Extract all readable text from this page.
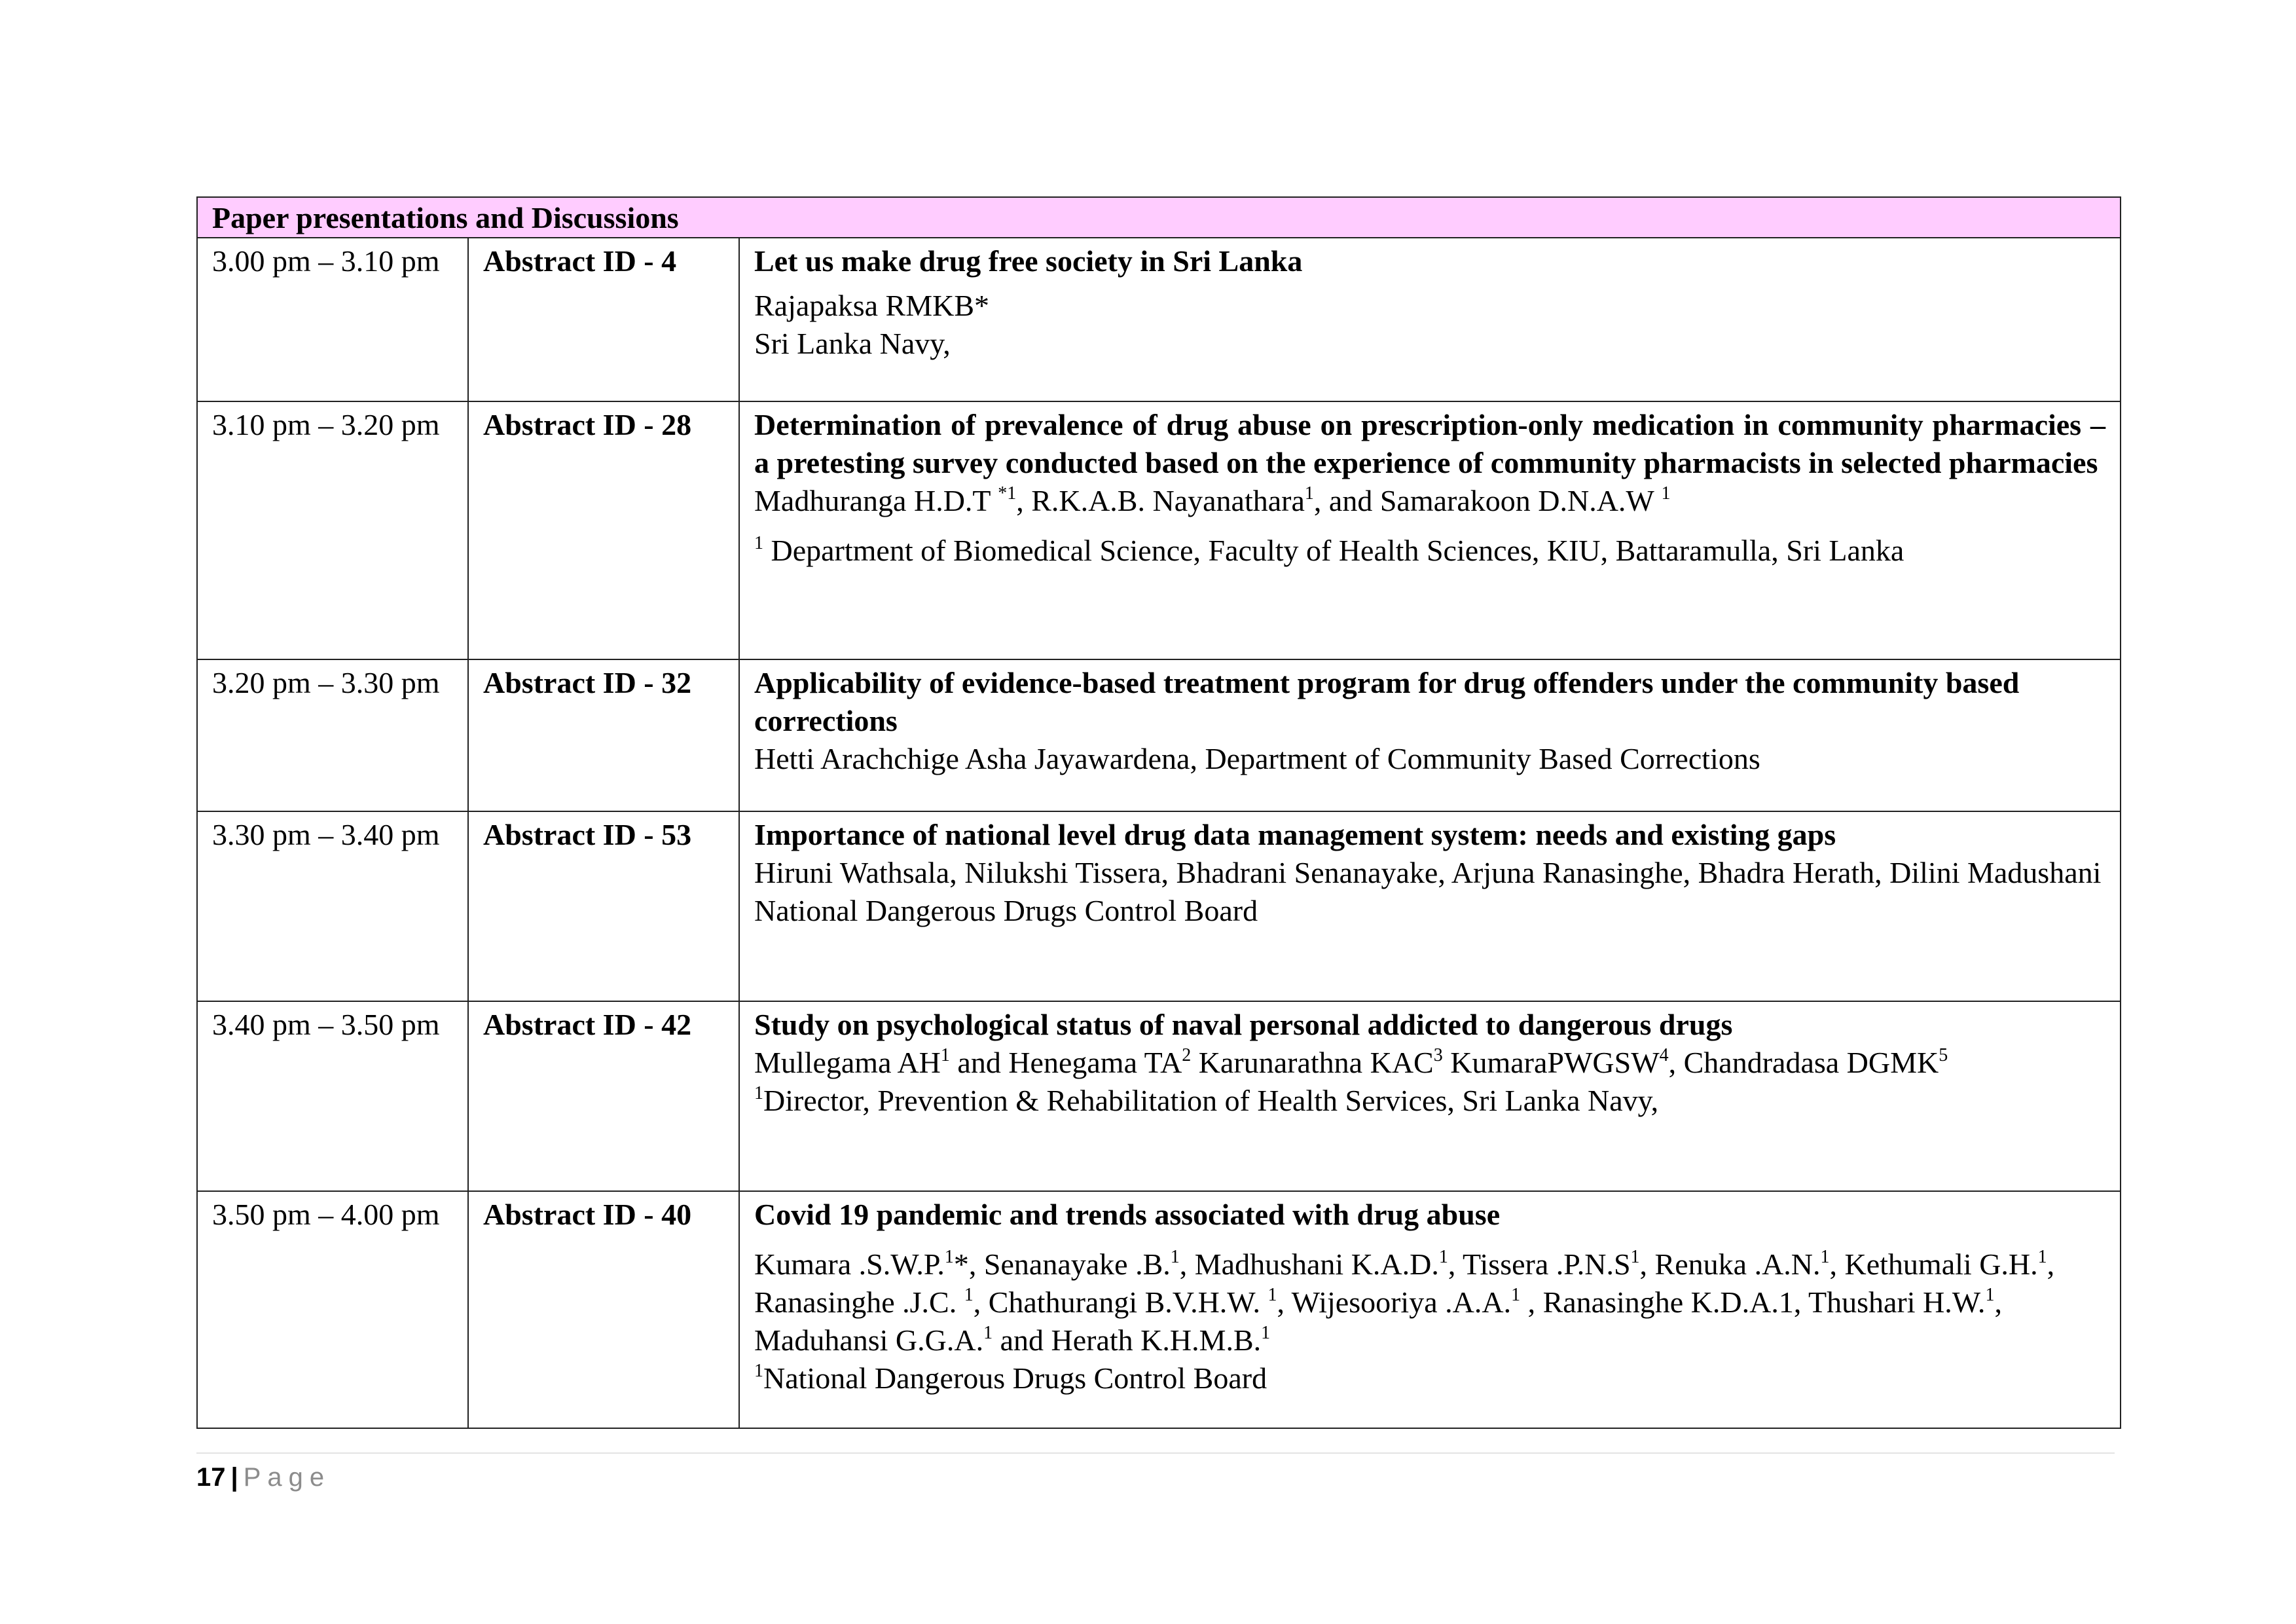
Paper presentations and Discussions		
3.00 pm – 3.10 pm	Abstract ID - 4	Let us make drug free society in Sri Lanka
Rajapaksa RMKB*
Sri Lanka Navy,

3.10 pm – 3.20 pm	Abstract ID - 28	Determination of prevalence of drug abuse on prescription-only medication in community pharmacies – a pretesting survey conducted based on the experience of community pharmacists in selected pharmacies
Madhuranga H.D.T $^{*1}$, R.K.A.B. Nayanathara$^1$, and Samarakoon D.N.A.W $^1$
$^1$ Department of Biomedical Science, Faculty of Health Sciences, KIU, Battaramulla, Sri Lanka

3.20 pm – 3.30 pm	Abstract ID - 32	Applicability of evidence-based treatment program for drug offenders under the community based corrections
Hetti Arachchige Asha Jayawardena, Department of Community Based Corrections

3.30 pm – 3.40 pm	Abstract ID - 53	Importance of national level drug data management system: needs and existing gaps
Hiruni Wathsala, Nilukshi Tissera, Bhadrani Senanayake, Arjuna Ranasinghe, Bhadra Herath, Dilini Madushani
National Dangerous Drugs Control Board

3.40 pm – 3.50 pm	Abstract ID - 42	Study on psychological status of naval personal addicted to dangerous drugs
Mullegama $AH^1$ and Henegama $TA^2$ Karunarathna KAC$^3$ KumaraPWGSW$^4$, Chandradasa DGMK$^5$
$^1$Director, Prevention & Rehabilitation of Health Services, Sri Lanka Navy,

3.50 pm – 4.00 pm	Abstract ID - 40	Covid 19 pandemic and trends associated with drug abuse
Kumara .S.W.P.$^1$*, Senanayake .B.$^1$, Madhushani K.A.D.$^1$, Tissera $.P.N.S^1$, Renuka .A.N.$^1$, Kethumali G.H.$^1$, Ranasinghe .J.C. $^1$, Chathurangi B.V.H.W. $^1$, Wijesooriya .A.A.$^1$ , Ranasinghe K.D.A.1, Thushari H.W.$^1$, Maduhansi G.G.A.$^1$ and Herath K.H.M.B.$^1$
$^1$National Dangerous Drugs Control Board
17 | Page
